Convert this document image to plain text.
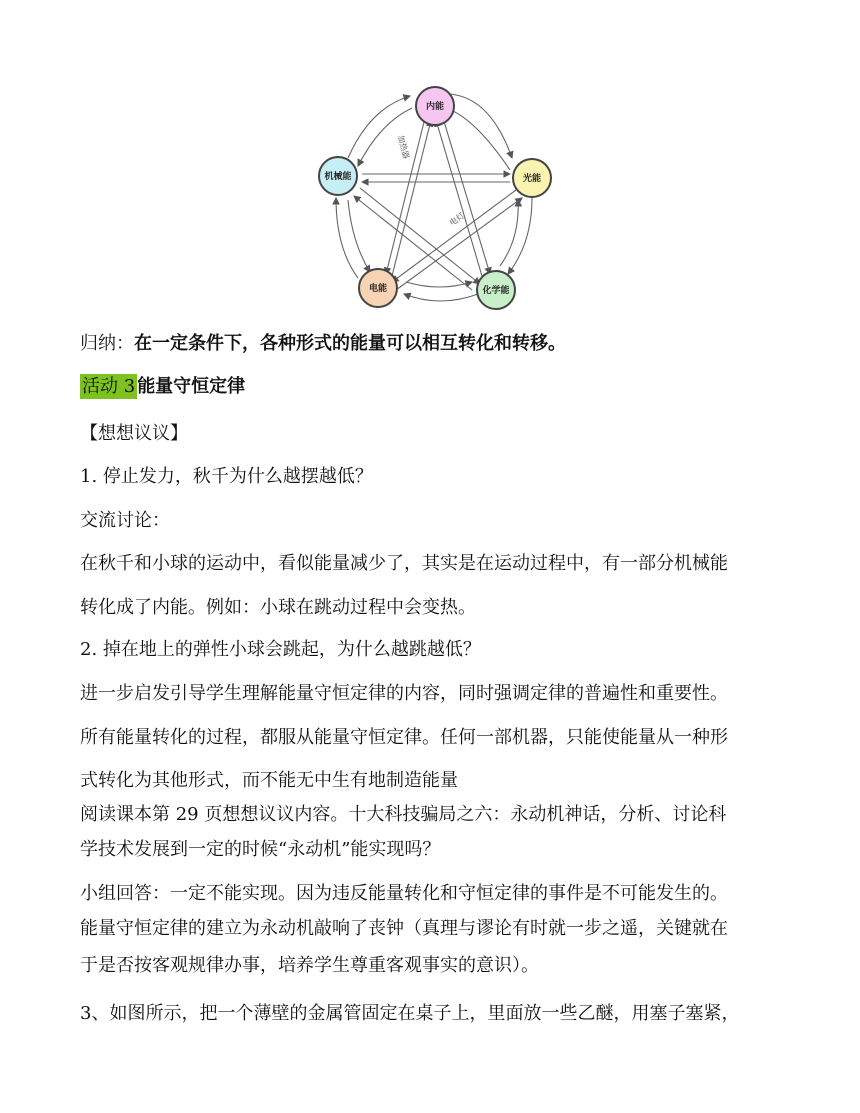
加热器
电灯
内能
光能
化学能
电能
机械能
归纳：在一定条件下，各种形式的能量可以相互转化和转移。
活动 3 能量守恒定律
【想想议议】
1. 停止发力，秋千为什么越摆越低？
交流讨论：
在秋千和小球的运动中，看似能量减少了，其实是在运动过程中，有一部分机械能
转化成了内能。例如：小球在跳动过程中会变热。
2. 掉在地上的弹性小球会跳起，为什么越跳越低？
进一步启发引导学生理解能量守恒定律的内容，同时强调定律的普遍性和重要性。
所有能量转化的过程，都服从能量守恒定律。任何一部机器，只能使能量从一种形
式转化为其他形式，而不能无中生有地制造能量
阅读课本第 29 页想想议议内容。十大科技骗局之六：永动机神话，分析、讨论科
学技术发展到一定的时候“永动机”能实现吗？
小组回答：一定不能实现。因为违反能量转化和守恒定律的事件是不可能发生的。
能量守恒定律的建立为永动机敲响了丧钟（真理与谬论有时就一步之遥，关键就在
于是否按客观规律办事，培养学生尊重客观事实的意识）。
3、如图所示，把一个薄壁的金属管固定在桌子上，里面放一些乙醚，用塞子塞紧，
